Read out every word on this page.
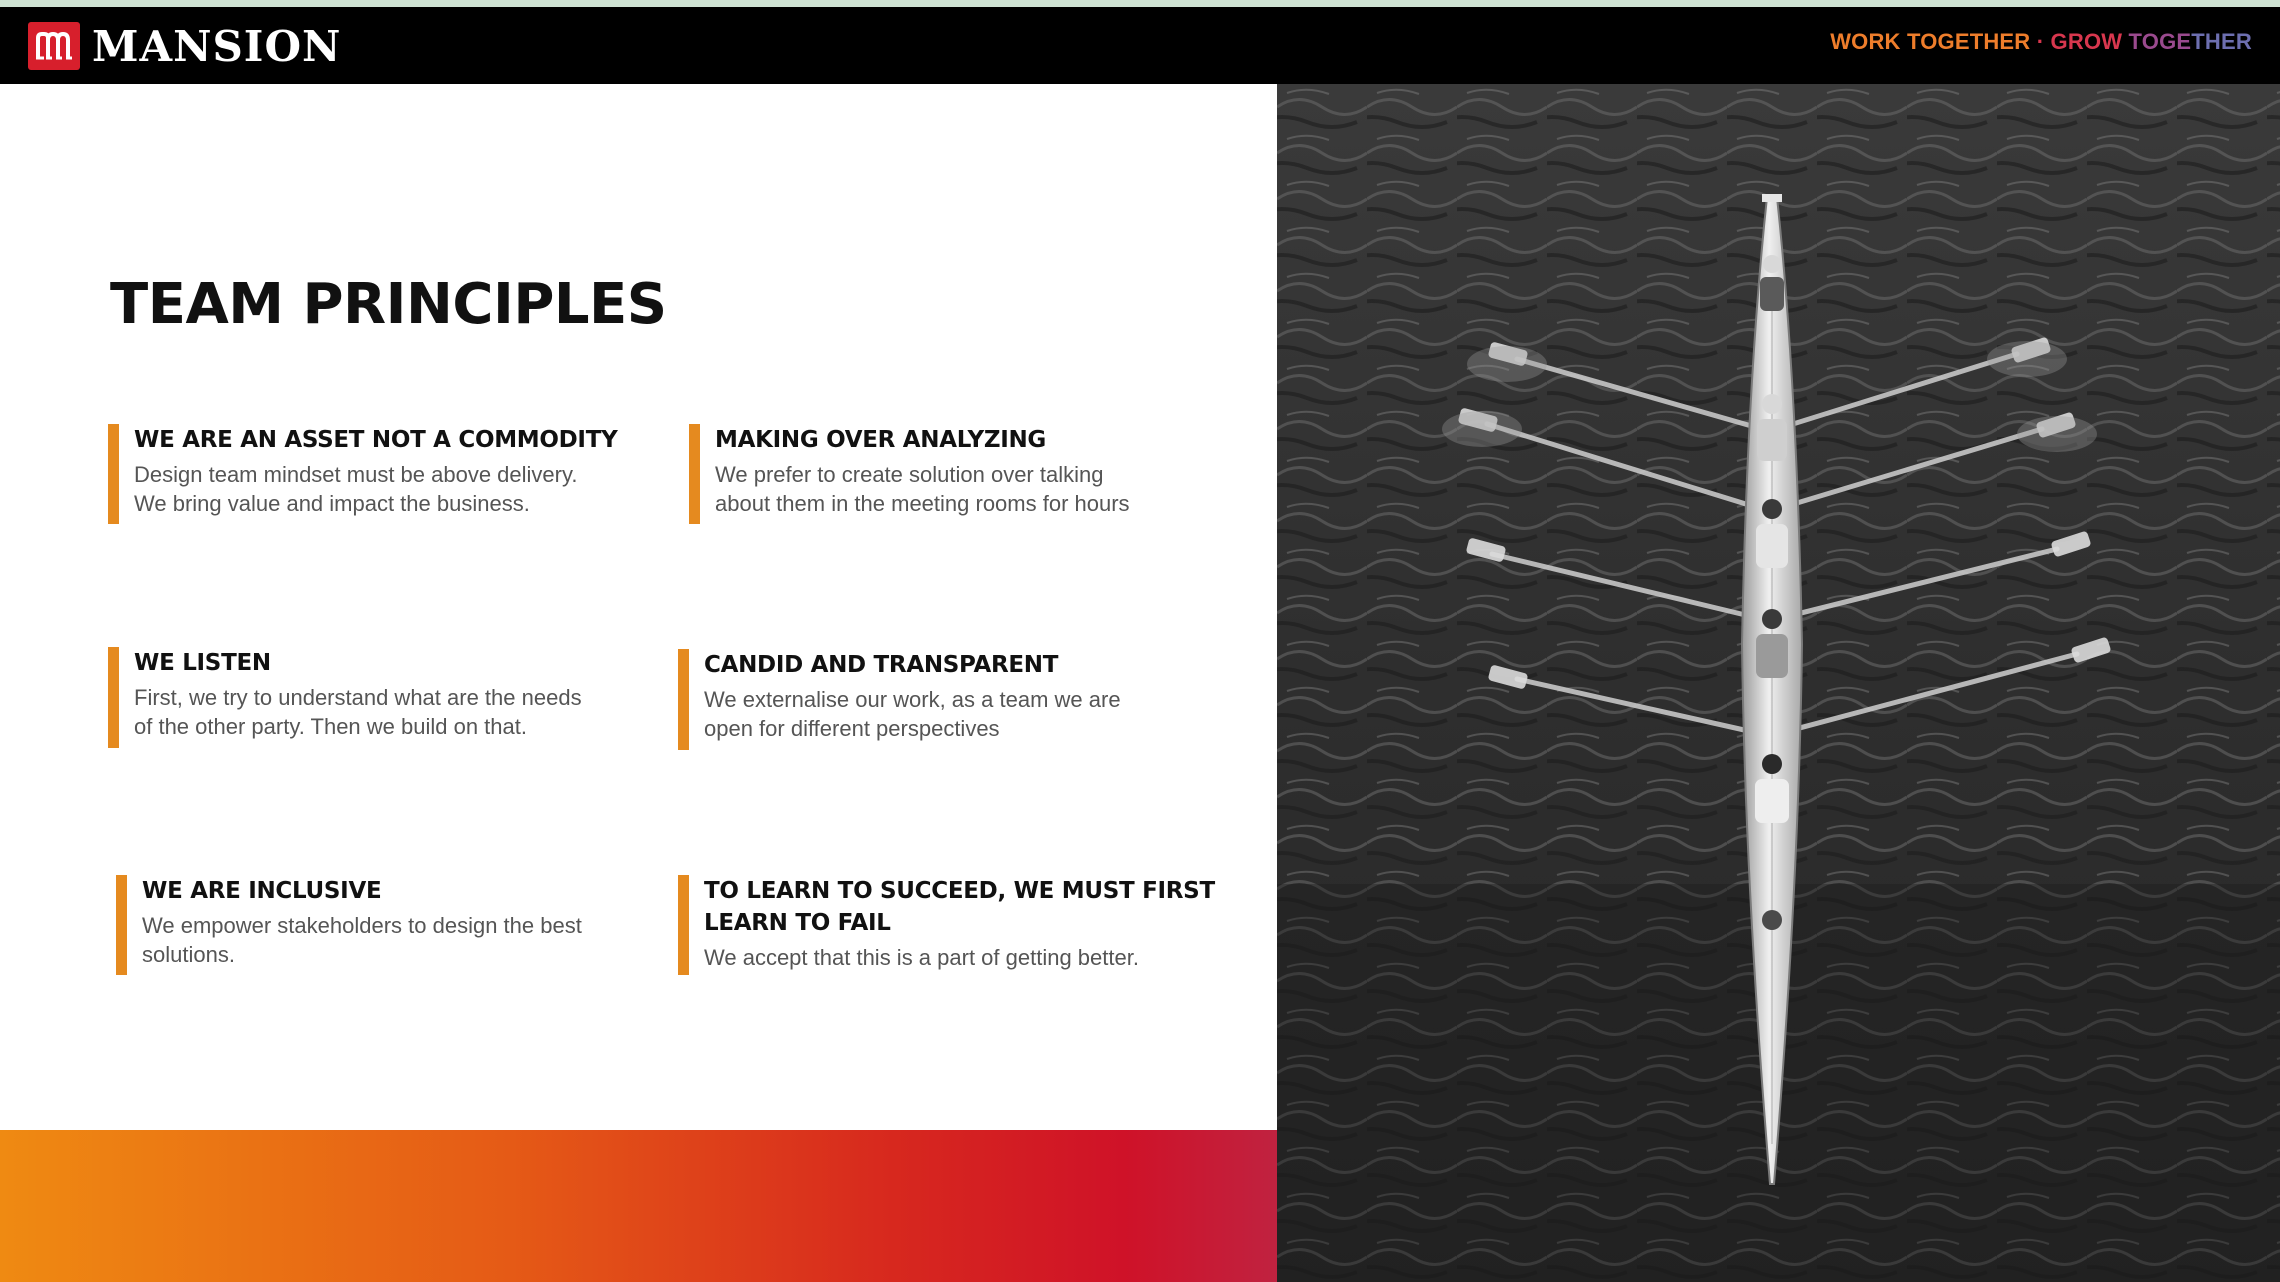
MANSION	WORK TOGETHER · GROW TOGETHER
TEAM PRINCIPLES
WE ARE AN ASSET NOT A COMMODITY

Design team mindset must be above delivery.

We bring value and impact the business.

MAKING OVER ANALYZING

We prefer to create solution over talking

about them in the meeting rooms for hours

WE LISTEN

First, we try to understand what are the needs

of the other party. Then we build on that.

CANDID AND TRANSPARENT

We externalise our work, as a team we are

open for different perspectives

WE ARE INCLUSIVE

We empower stakeholders to design the best

solutions.

TO LEARN TO SUCCEED, WE MUST FIRST
LEARN TO FAIL

We accept that this is a part of getting better.
